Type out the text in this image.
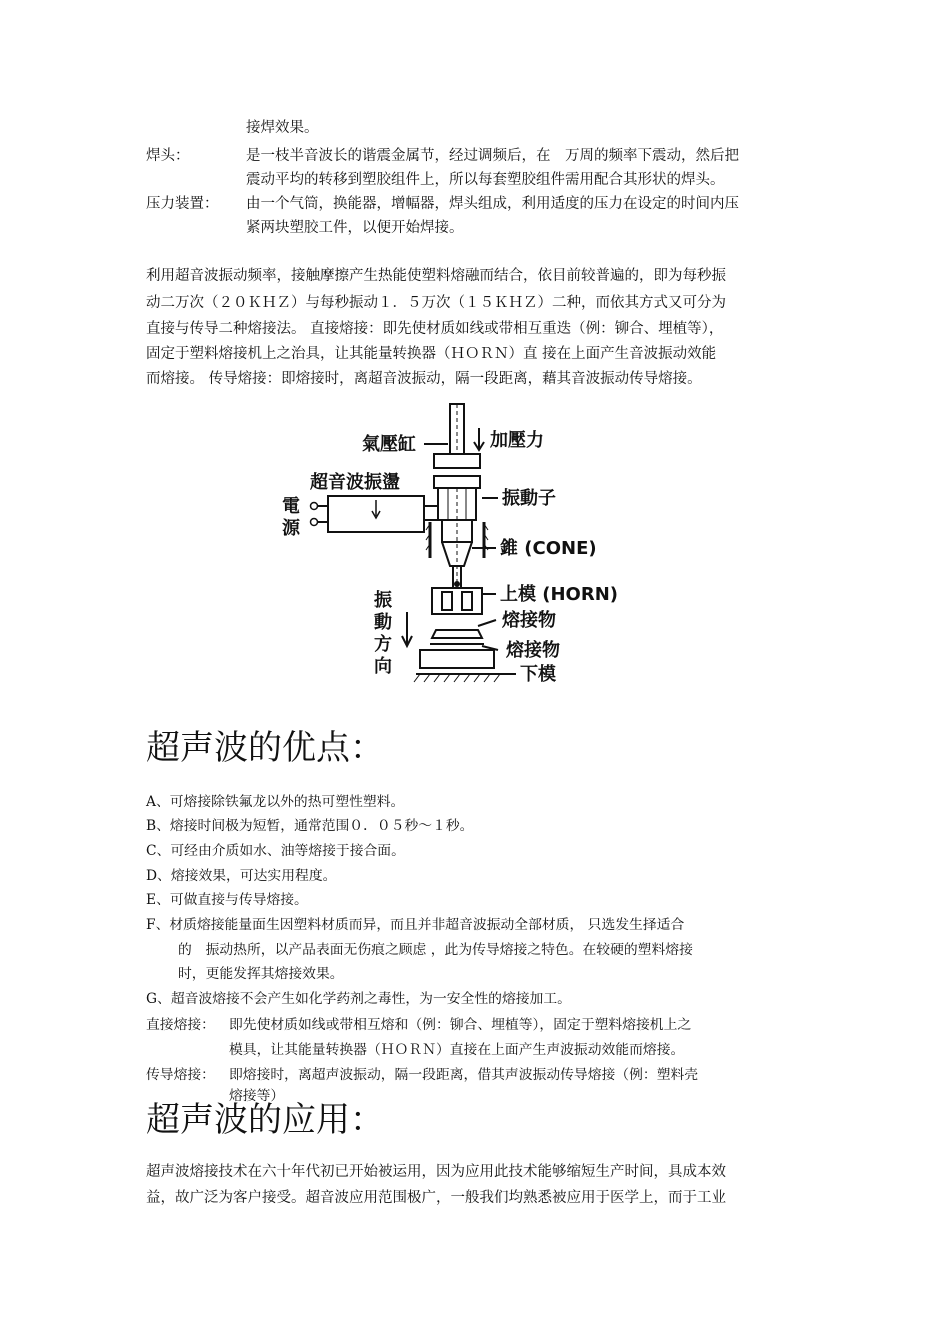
接焊效果。
焊头：	是一枝半音波长的谐震金属节，经过调频后，在　万周的频率下震动，然后把
震动平均的转移到塑胶组件上，所以每套塑胶组件需用配合其形状的焊头。
压力装置： 由一个气筒，换能器，增幅器，焊头组成，利用适度的压力在设定的时间内压
紧两块塑胶工件，以便开始焊接。
利用超音波振动频率，接触摩擦产生热能使塑料熔融而结合，依目前较普遍的，即为每秒振
动二万次（２０ＫＨＺ）与每秒振动１．５万次（１５ＫＨＺ）二种，而依其方式又可分为
直接与传导二种熔接法。 直接熔接：即先使材质如线或带相互重迭（例：铆合、埋植等），
固定于塑料熔接机上之治具，让其能量转换器（ＨＯＲＮ）直 接在上面产生音波振动效能
而熔接。 传导熔接：即熔接时，离超音波振动，隔一段距离，藉其音波振动传导熔接。
氣壓缸	加壓力
超音波振盪
電
源
振動子
錐 (CONE)
上模 (HORN)
熔接物
熔接物
下模
振
動
方
向
超声波的优点：
A、可熔接除铁氟龙以外的热可塑性塑料。
B、熔接时间极为短暂，通常范围０．０５秒～１秒。
C、可经由介质如水、油等熔接于接合面。
D、熔接效果，可达实用程度。
E、可做直接与传导熔接。
F、材质熔接能量面生因塑料材质而异，而且并非超音波振动全部材质， 只选发生择适合
的　振动热所，以产品表面无伤痕之顾虑 ，此为传导熔接之特色。在较硬的塑料熔接
时，更能发挥其熔接效果。
G、超音波熔接不会产生如化学药剂之毒性，为一安全性的熔接加工。
直接熔接： 即先使材质如线或带相互熔和（例：铆合、埋植等），固定于塑料熔接机上之
模具，让其能量转换器（ＨＯＲＮ）直接在上面产生声波振动效能而熔接。
传导熔接： 即熔接时，离超声波振动，隔一段距离，借其声波振动传导熔接（例：塑料壳
熔接等）
超声波的应用：
超声波熔接技术在六十年代初已开始被运用，因为应用此技术能够缩短生产时间，具成本效
益，故广泛为客户接受。超音波应用范围极广，一般我们均熟悉被应用于医学上，而于工业
